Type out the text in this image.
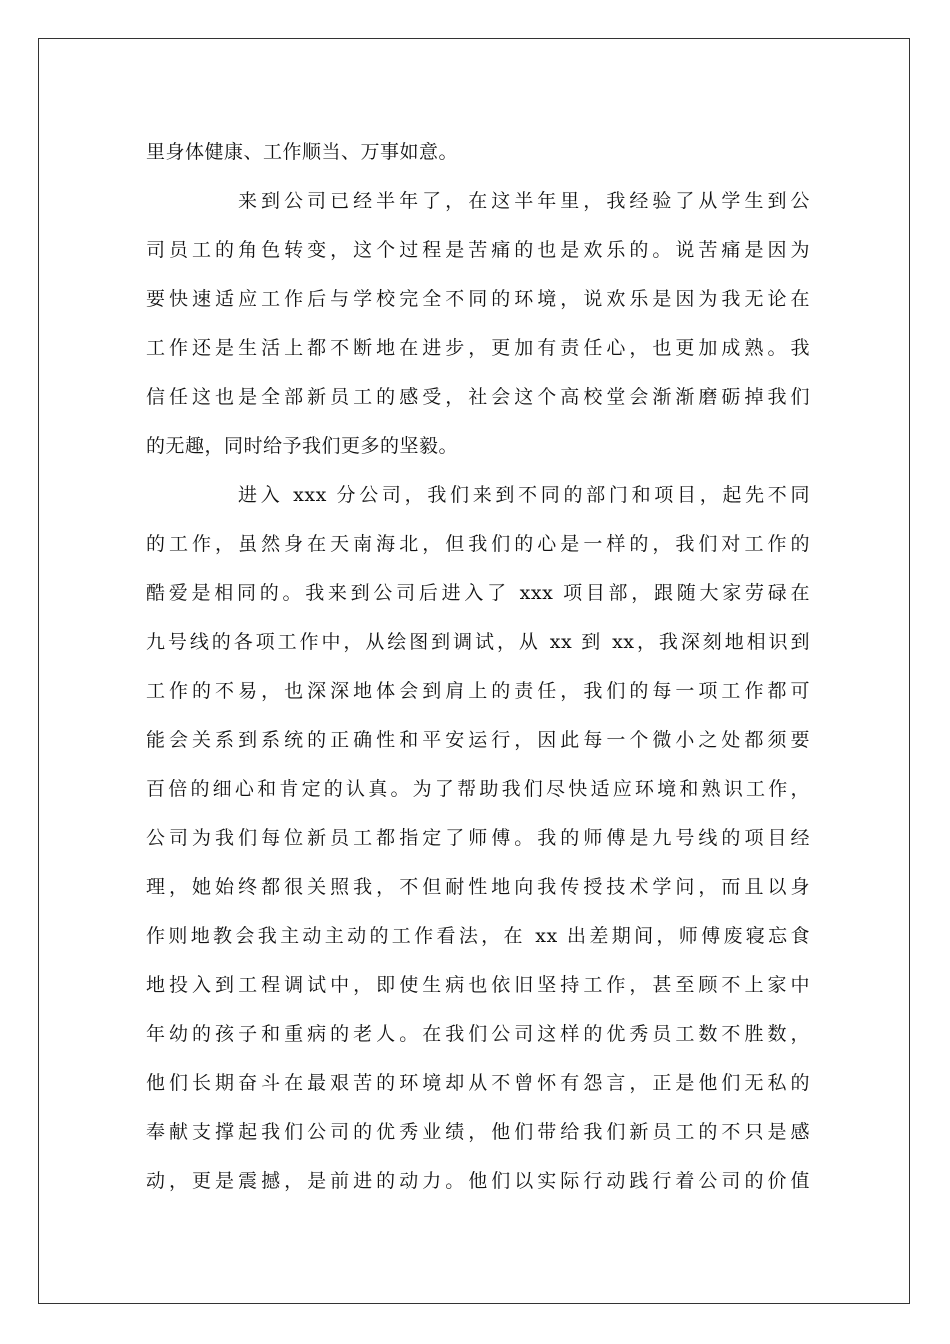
里身体健康、工作顺当、万事如意。
来到公司已经半年了，在这半年里，我经验了从学生到公
司员工的角色转变，这个过程是苦痛的也是欢乐的。说苦痛是因为
要快速适应工作后与学校完全不同的环境，说欢乐是因为我无论在
工作还是生活上都不断地在进步，更加有责任心，也更加成熟。我
信任这也是全部新员工的感受，社会这个高校堂会渐渐磨砺掉我们
的无趣，同时给予我们更多的坚毅。
进入 xxx 分公司，我们来到不同的部门和项目，起先不同
的工作，虽然身在天南海北，但我们的心是一样的，我们对工作的
酷爱是相同的。我来到公司后进入了 xxx 项目部，跟随大家劳碌在
九号线的各项工作中，从绘图到调试，从 xx 到 xx，我深刻地相识到
工作的不易，也深深地体会到肩上的责任，我们的每一项工作都可
能会关系到系统的正确性和平安运行，因此每一个微小之处都须要
百倍的细心和肯定的认真。为了帮助我们尽快适应环境和熟识工作，
公司为我们每位新员工都指定了师傅。我的师傅是九号线的项目经
理，她始终都很关照我，不但耐性地向我传授技术学问，而且以身
作则地教会我主动主动的工作看法，在 xx 出差期间，师傅废寝忘食
地投入到工程调试中，即使生病也依旧坚持工作，甚至顾不上家中
年幼的孩子和重病的老人。在我们公司这样的优秀员工数不胜数，
他们长期奋斗在最艰苦的环境却从不曾怀有怨言，正是他们无私的
奉献支撑起我们公司的优秀业绩，他们带给我们新员工的不只是感
动，更是震撼，是前进的动力。他们以实际行动践行着公司的价值
